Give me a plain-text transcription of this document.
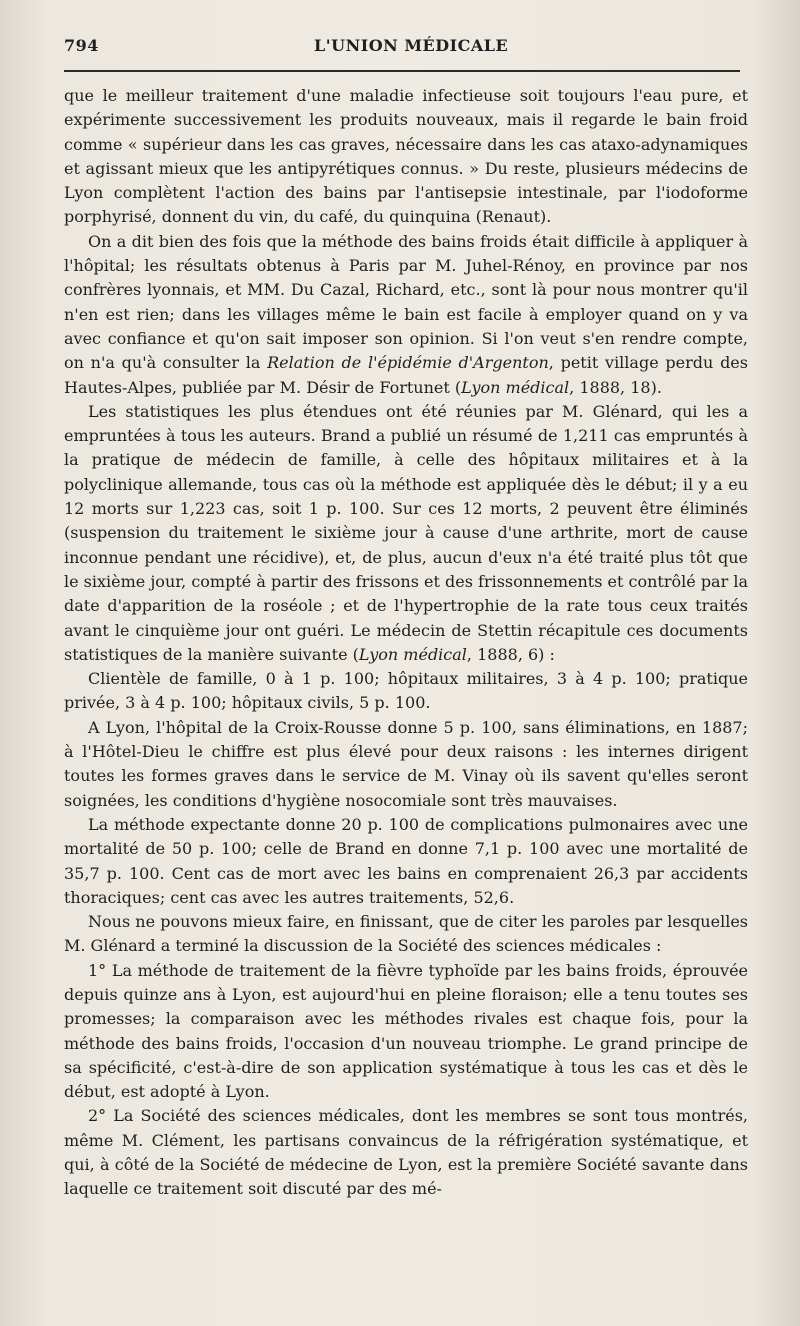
794	L'UNION MÉDICALE

que le meilleur traitement d'une maladie infectieuse soit toujours l'eau pure, et expérimente successivement les produits nouveaux, mais il regarde le bain froid comme « supérieur dans les cas graves, nécessaire dans les cas ataxo-adynamiques et agissant mieux que les antipyrétiques connus. » Du reste, plusieurs médecins de Lyon complètent l'action des bains par l'antisepsie intestinale, par l'iodoforme porphyrisé, donnent du vin, du café, du quinquina (Renaut).

On a dit bien des fois que la méthode des bains froids était difficile à appliquer à l'hôpital; les résultats obtenus à Paris par M. Juhel-Rénoy, en province par nos confrères lyonnais, et MM. Du Cazal, Richard, etc., sont là pour nous montrer qu'il n'en est rien; dans les villages même le bain est facile à employer quand on y va avec confiance et qu'on sait imposer son opinion. Si l'on veut s'en rendre compte, on n'a qu'à consulter la Relation de l'épidémie d'Argenton, petit village perdu des Hautes-Alpes, publiée par M. Désir de Fortunet (Lyon médical, 1888, 18).

Les statistiques les plus étendues ont été réunies par M. Glénard, qui les a empruntées à tous les auteurs. Brand a publié un résumé de 1,211 cas empruntés à la pratique de médecin de famille, à celle des hôpitaux militaires et à la polyclinique allemande, tous cas où la méthode est appliquée dès le début; il y a eu 12 morts sur 1,223 cas, soit 1 p. 100. Sur ces 12 morts, 2 peuvent être éliminés (suspension du traitement le sixième jour à cause d'une arthrite, mort de cause inconnue pendant une récidive), et, de plus, aucun d'eux n'a été traité plus tôt que le sixième jour, compté à partir des frissons et des frissonnements et contrôlé par la date d'apparition de la roséole ; et de l'hypertrophie de la rate tous ceux traités avant le cinquième jour ont guéri. Le médecin de Stettin récapitule ces documents statistiques de la manière suivante (Lyon médical, 1888, 6) :

Clientèle de famille, 0 à 1 p. 100; hôpitaux militaires, 3 à 4 p. 100; pratique privée, 3 à 4 p. 100; hôpitaux civils, 5 p. 100.

A Lyon, l'hôpital de la Croix-Rousse donne 5 p. 100, sans éliminations, en 1887; à l'Hôtel-Dieu le chiffre est plus élevé pour deux raisons : les internes dirigent toutes les formes graves dans le service de M. Vinay où ils savent qu'elles seront soignées, les conditions d'hygiène nosocomiale sont très mauvaises.

La méthode expectante donne 20 p. 100 de complications pulmonaires avec une mortalité de 50 p. 100; celle de Brand en donne 7,1 p. 100 avec une mortalité de 35,7 p. 100. Cent cas de mort avec les bains en comprenaient 26,3 par accidents thoraciques; cent cas avec les autres traitements, 52,6.

Nous ne pouvons mieux faire, en finissant, que de citer les paroles par lesquelles M. Glénard a terminé la discussion de la Société des sciences médicales :

1° La méthode de traitement de la fièvre typhoïde par les bains froids, éprouvée depuis quinze ans à Lyon, est aujourd'hui en pleine floraison; elle a tenu toutes ses promesses; la comparaison avec les méthodes rivales est chaque fois, pour la méthode des bains froids, l'occasion d'un nouveau triomphe. Le grand principe de sa spécificité, c'est-à-dire de son application systématique à tous les cas et dès le début, est adopté à Lyon.

2° La Société des sciences médicales, dont les membres se sont tous montrés, même M. Clément, les partisans convaincus de la réfrigération systématique, et qui, à côté de la Société de médecine de Lyon, est la première Société savante dans laquelle ce traitement soit discuté par des mé-
